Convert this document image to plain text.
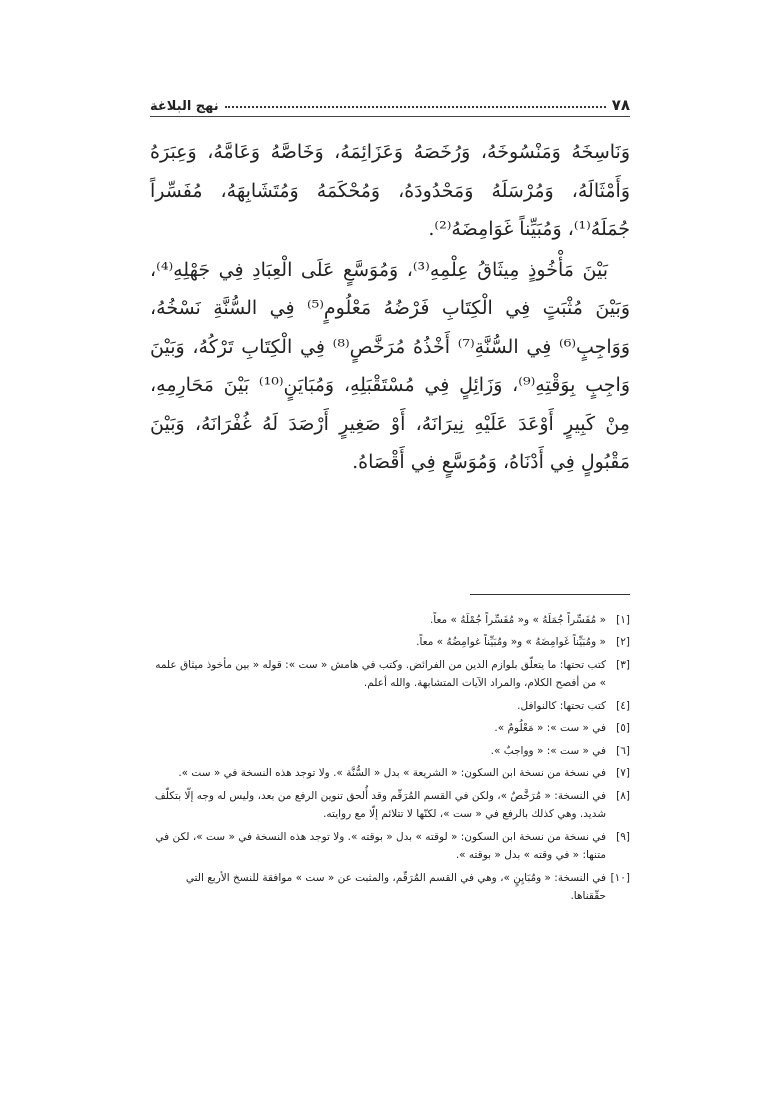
٧٨
نهج البلاغة

وَنَاسِخَهُ وَمَنْسُوخَهُ، وَرُخَصَهُ وَعَزَائِمَهُ، وَخَاصَّهُ وَعَامَّهُ، وَعِبَرَهُ وَأَمْثَالَهُ، وَمُرْسَلَهُ وَمَحْدُودَهُ، وَمُحْكَمَهُ وَمُتَشَابِهَهُ، مُفَسِّراً جُمَلَهُ⁽¹⁾، وَمُبَيِّناً غَوَامِضَهُ⁽²⁾.

بَيْنَ مَأْخُوذٍ مِيثَاقُ عِلْمِهِ⁽³⁾، وَمُوَسَّعٍ عَلَى الْعِبَادِ فِي جَهْلِهِ⁽⁴⁾، وَبَيْنَ مُثْبَتٍ فِي الْكِتَابِ فَرْضُهُ مَعْلُومٍ⁽⁵⁾ فِي السُّنَّةِ نَسْخُهُ، وَوَاجِبٍ⁽⁶⁾ فِي السُّنَّةِ⁽⁷⁾ أَخْذُهُ مُرَخَّصٍ⁽⁸⁾ فِي الْكِتَابِ تَرْكُهُ، وَبَيْنَ وَاجِبٍ بِوَقْتِهِ⁽⁹⁾، وَزَائِلٍ فِي مُسْتَقْبَلِهِ، وَمُبَايَنٍ⁽¹⁰⁾ بَيْنَ مَحَارِمِهِ، مِنْ كَبِيرٍ أَوْعَدَ عَلَيْهِ نِيرَانَهُ، أَوْ صَغِيرٍ أَرْصَدَ لَهُ غُفْرَانَهُ، وَبَيْنَ مَقْبُولٍ فِي أَدْنَاهُ، وَمُوَسَّعٍ فِي أَقْصَاهُ.

[١]
« مُفَسِّراً جُمَلَهُ » و« مُفَسِّراً جُمْلَهُ » معاً.
[٢]
« ومُبَيِّناً غَوامِضَهُ » و« ومُبَيِّناً غوامِضُهُ » معاً.
[٣]
كتب تحتها: ما يتعلّق بلوازم الدين من الفرائض. وكتب في هامش « ست »: قوله « بين مأخوذ ميثاق علمه » من أفصح الكلام، والمراد الآيات المتشابهة. والله أعلم.
[٤]
كتب تحتها: كالنوافل.
[٥]
في « ست »: « مَعْلُومٌ ».
[٦]
في « ست »: « وواجبٌ ».
[٧]
في نسخة من نسخة ابن السكون: « الشريعة » بدل « السُّنَّة ». ولا توجد هذه النسخة في « ست ».
[٨]
في النسخة: « مُرَخَّصٌ »، ولكن في القسم المُرَقّم وقد أُلحق تنوين الرفع من بعد، وليس له وجه إلّا بتكلّف شديد. وهي كذلك بالرفع في « ست »، لكنّها لا تتلائم إلّا مع روايته.
[٩]
في نسخة من نسخة ابن السكون: « لوقته » بدل « بوقته ». ولا توجد هذه النسخة في « ست »، لكن في متنها: « في وقته » بدل « بوقته ».
[١٠]
في النسخة: « ومُبَايِنٍ »، وهي في القسم المُرَقّم، والمثبت عن « ست » موافقة للنسخ الأربع التي حقّقناها.
